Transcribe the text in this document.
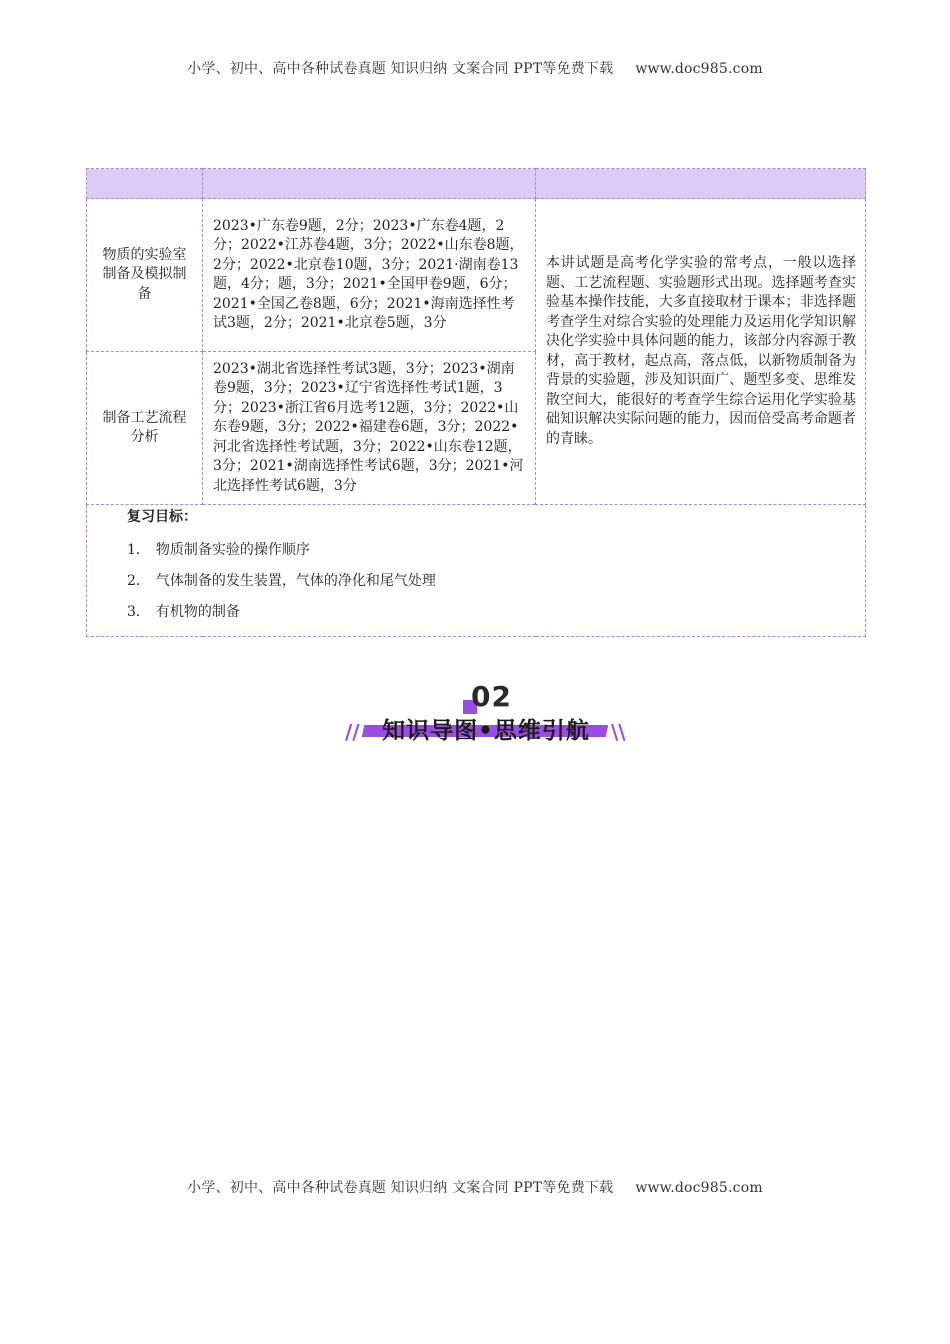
小学、初中、高中各种试卷真题 知识归纳 文案合同 PPT等免费下载 www.doc985.com

物质的实验室制备及模拟制备	2023•广东卷9题，2分；2023•广东卷4题，2分；2022•江苏卷4题，3分；2022•山东卷8题，2分；2022•北京卷10题，3分；2021·湖南卷13题，4分；题，3分；2021•全国甲卷9题，6分；2021•全国乙卷8题，6分；2021•海南选择性考试3题，2分；2021•北京卷5题，3分	本讲试题是高考化学实验的常考点，一般以选择题、工艺流程题、实验题形式出现。选择题考查实验基本操作技能，大多直接取材于课本；非选择题考查学生对综合实验的处理能力及运用化学知识解决化学实验中具体问题的能力，该部分内容源于教材，高于教材，起点高，落点低，以新物质制备为背景的实验题，涉及知识面广、题型多变、思维发散空间大，能很好的考查学生综合运用化学实验基础知识解决实际问题的能力，因而倍受高考命题者的青睐。
制备工艺流程分析	2023•湖北省选择性考试3题，3分；2023•湖南卷9题，3分；2023•辽宁省选择性考试1题，3分；2023•浙江省6月选考12题，3分；2022•山东卷9题，3分；2022•福建卷6题，3分；2022•河北省选择性考试题，3分；2022•山东卷12题，3分；2021•湖南选择性考试6题，3分；2021•河北选择性考试6题，3分	

复习目标：
1． 物质制备实验的操作顺序
2． 气体制备的发生装置，气体的净化和尾气处理
3． 有机物的制备		
02
// 知识导图•思维引航	\\
小学、初中、高中各种试卷真题 知识归纳 文案合同 PPT等免费下载 www.doc985.com
